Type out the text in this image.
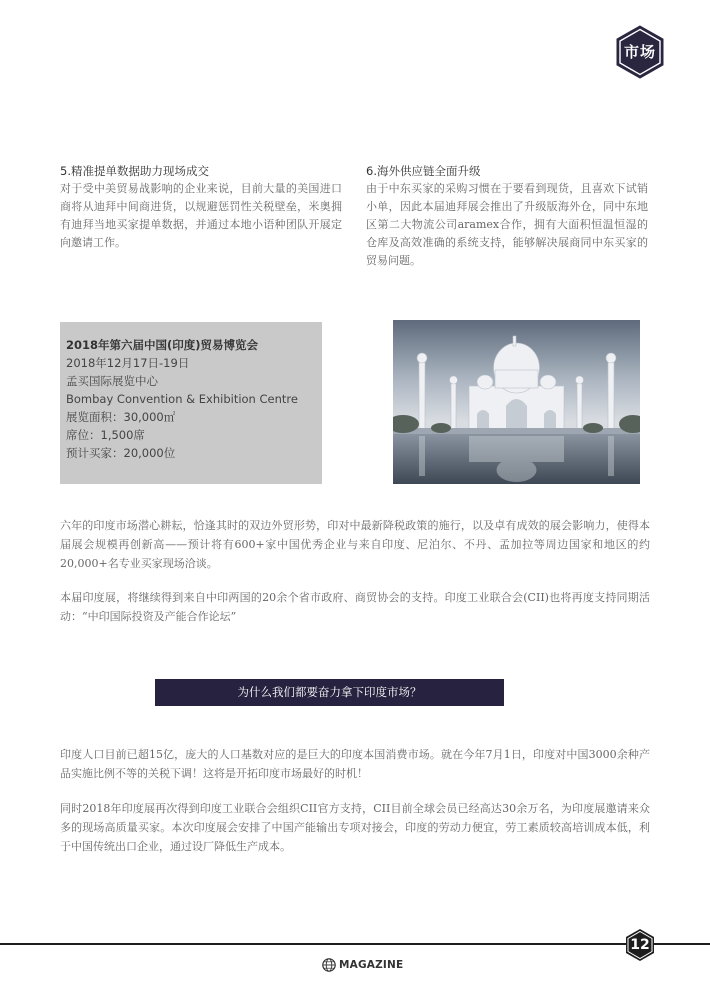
市场
5.精准提单数据助力现场成交

对于受中美贸易战影响的企业来说，目前大量的美国进口商将从迪拜中间商进货，以规避惩罚性关税壁垒，米奥拥有迪拜当地买家提单数据，并通过本地小语种团队开展定向邀请工作。

6.海外供应链全面升级

由于中东买家的采购习惯在于要看到现货，且喜欢下试销小单，因此本届迪拜展会推出了升级版海外仓，同中东地区第二大物流公司aramex合作，拥有大面积恒温恒湿的仓库及高效准确的系统支持，能够解决展商同中东买家的贸易问题。

2018年第六届中国(印度)贸易博览会
2018年12月17日-19日
孟买国际展览中心
Bombay Convention & Exhibition Centre
展览面积：30,000㎡
席位：1,500席
预计买家：20,000位
六年的印度市场潜心耕耘，恰逢其时的双边外贸形势，印对中最新降税政策的施行，以及卓有成效的展会影响力，使得本届展会规模再创新高——预计将有600+家中国优秀企业与来自印度、尼泊尔、不丹、孟加拉等周边国家和地区的约20,000+名专业买家现场洽谈。
本届印度展，将继续得到来自中印两国的20余个省市政府、商贸协会的支持。印度工业联合会(CII)也将再度支持同期活动：“中印国际投资及产能合作论坛”
为什么我们都要奋力拿下印度市场？
印度人口目前已超15亿，庞大的人口基数对应的是巨大的印度本国消费市场。就在今年7月1日，印度对中国3000余种产品实施比例不等的关税下调！这将是开拓印度市场最好的时机！
同时2018年印度展再次得到印度工业联合会组织CII官方支持，CII目前全球会员已经高达30余万名，为印度展邀请来众多的现场高质量买家。本次印度展会安排了中国产能输出专项对接会，印度的劳动力便宜，劳工素质较高培训成本低，利于中国传统出口企业，通过设厂降低生产成本。
12
MAGAZINE
